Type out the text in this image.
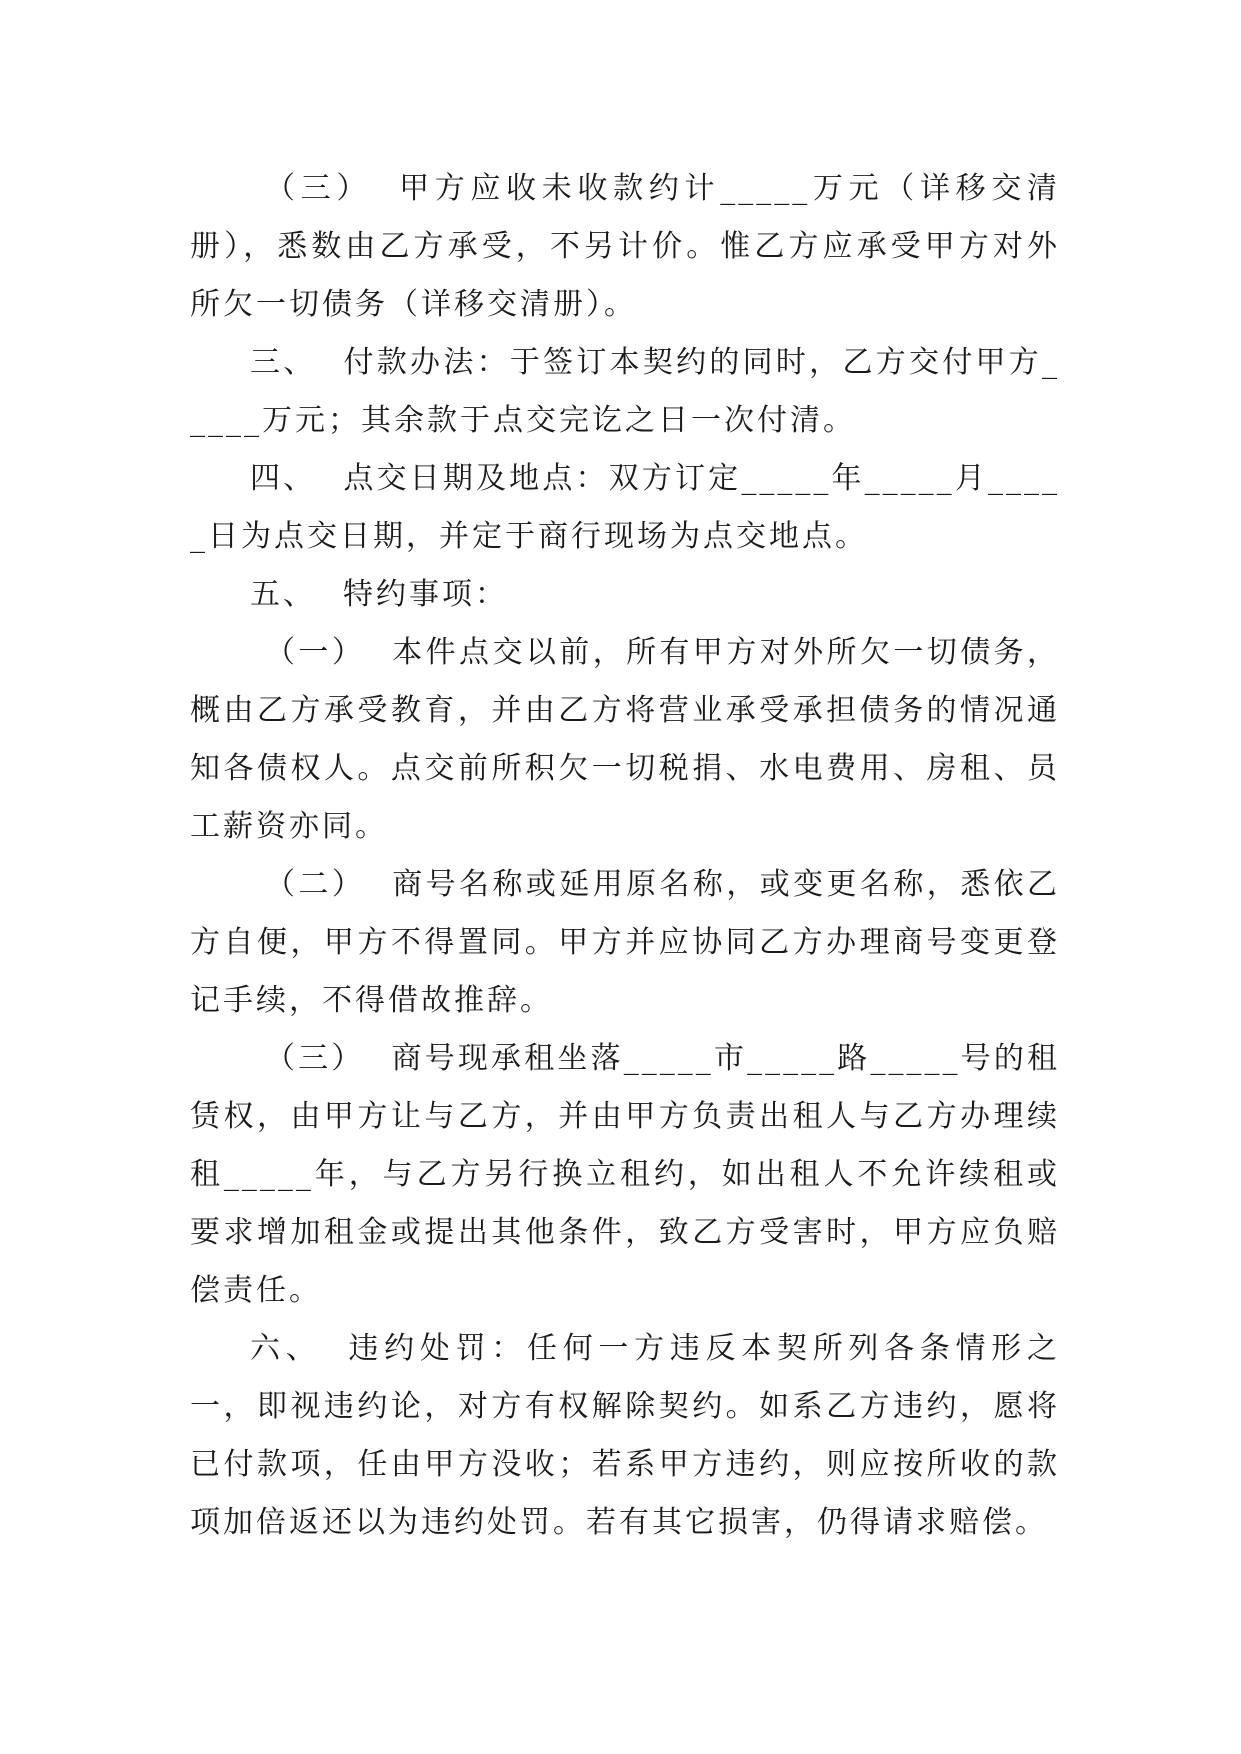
（三） 甲方应收未收款约计_____万元（详移交清册），悉数由乙方承受，不另计价。惟乙方应承受甲方对外所欠一切债务（详移交清册）。

三、 付款办法：于签订本契约的同时，乙方交付甲方_____万元；其余款于点交完讫之日一次付清。

四、 点交日期及地点：双方订定_____年_____月_____日为点交日期，并定于商行现场为点交地点。

五、 特约事项：

（一） 本件点交以前，所有甲方对外所欠一切债务，概由乙方承受教育，并由乙方将营业承受承担债务的情况通知各债权人。点交前所积欠一切税捐、水电费用、房租、员工薪资亦同。

（二） 商号名称或延用原名称，或变更名称，悉依乙方自便，甲方不得置同。甲方并应协同乙方办理商号变更登记手续，不得借故推辞。

（三） 商号现承租坐落_____市_____路_____号的租赁权，由甲方让与乙方，并由甲方负责出租人与乙方办理续租_____年，与乙方另行换立租约，如出租人不允许续租或要求增加租金或提出其他条件，致乙方受害时，甲方应负赔偿责任。

六、 违约处罚：任何一方违反本契所列各条情形之一，即视违约论，对方有权解除契约。如系乙方违约，愿将已付款项，任由甲方没收；若系甲方违约，则应按所收的款项加倍返还以为违约处罚。若有其它损害，仍得请求赔偿。
